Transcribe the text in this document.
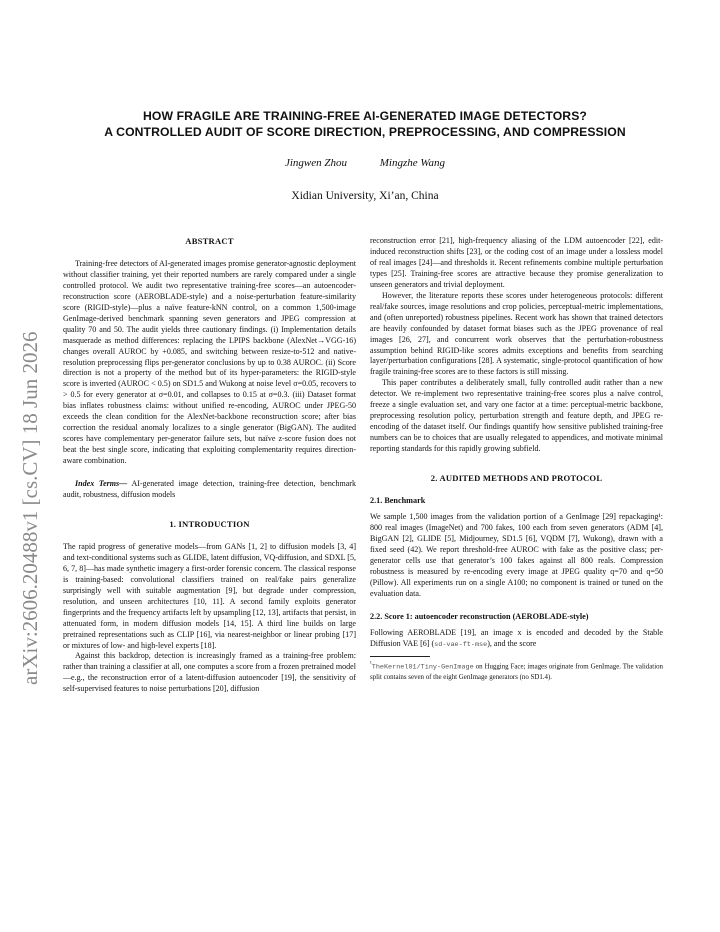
arXiv:2606.20488v1 [cs.CV] 18 Jun 2026
HOW FRAGILE ARE TRAINING-FREE AI-GENERATED IMAGE DETECTORS?
A CONTROLLED AUDIT OF SCORE DIRECTION, PREPROCESSING, AND COMPRESSION
Jingwen Zhou	Mingzhe Wang
Xidian University, Xi’an, China
ABSTRACT

Training-free detectors of AI-generated images promise generator-agnostic deployment without classifier training, yet their reported numbers are rarely compared under a single controlled protocol. We audit two representative training-free scores—an autoencoder-reconstruction score (AEROBLADE-style) and a noise-perturbation feature-similarity score (RIGID-style)—plus a naïve feature-kNN control, on a common 1,500-image GenImage-derived benchmark spanning seven generators and JPEG compression at quality 70 and 50. The audit yields three cautionary findings. (i) Implementation details masquerade as method differences: replacing the LPIPS backbone (AlexNet→VGG-16) changes overall AUROC by +0.085, and switching between resize-to-512 and native-resolution preprocessing flips per-generator conclusions by up to 0.38 AUROC. (ii) Score direction is not a property of the method but of its hyper-parameters: the RIGID-style score is inverted (AUROC < 0.5) on SD1.5 and Wukong at noise level σ=0.05, recovers to > 0.5 for every generator at σ=0.01, and collapses to 0.15 at σ=0.3. (iii) Dataset format bias inflates robustness claims: without unified re-encoding, AUROC under JPEG-50 exceeds the clean condition for the AlexNet-backbone reconstruction score; after bias correction the residual anomaly localizes to a single generator (BigGAN). The audited scores have complementary per-generator failure sets, but naïve z-score fusion does not beat the best single score, indicating that exploiting complementarity requires direction-aware combination.

Index Terms— AI-generated image detection, training-free detection, benchmark audit, robustness, diffusion models

1. INTRODUCTION

The rapid progress of generative models—from GANs [1, 2] to diffusion models [3, 4] and text-conditional systems such as GLIDE, latent diffusion, VQ-diffusion, and SDXL [5, 6, 7, 8]—has made synthetic imagery a first-order forensic concern. The classical response is training-based: convolutional classifiers trained on real/fake pairs generalize surprisingly well with suitable augmentation [9], but degrade under compression, resolution, and unseen architectures [10, 11]. A second family exploits generator fingerprints and the frequency artifacts left by upsampling [12, 13], artifacts that persist, in attenuated form, in modern diffusion models [14, 15]. A third line builds on large pretrained representations such as CLIP [16], via nearest-neighbor or linear probing [17] or mixtures of low- and high-level experts [18].

Against this backdrop, detection is increasingly framed as a training-free problem: rather than training a classifier at all, one computes a score from a frozen pretrained model—e.g., the reconstruction error of a latent-diffusion autoencoder [19], the sensitivity of self-supervised features to noise perturbations [20], diffusion

reconstruction error [21], high-frequency aliasing of the LDM autoencoder [22], edit-induced reconstruction shifts [23], or the coding cost of an image under a lossless model of real images [24]—and thresholds it. Recent refinements combine multiple perturbation types [25]. Training-free scores are attractive because they promise generalization to unseen generators and trivial deployment.

However, the literature reports these scores under heterogeneous protocols: different real/fake sources, image resolutions and crop policies, perceptual-metric implementations, and (often unreported) robustness pipelines. Recent work has shown that trained detectors are heavily confounded by dataset format biases such as the JPEG provenance of real images [26, 27], and concurrent work observes that the perturbation-robustness assumption behind RIGID-like scores admits exceptions and benefits from searching layer/perturbation configurations [28]. A systematic, single-protocol quantification of how fragile training-free scores are to these factors is still missing.

This paper contributes a deliberately small, fully controlled audit rather than a new detector. We re-implement two representative training-free scores plus a naïve control, freeze a single evaluation set, and vary one factor at a time: perceptual-metric backbone, preprocessing resolution policy, perturbation strength and feature depth, and JPEG re-encoding of the dataset itself. Our findings quantify how sensitive published training-free numbers can be to choices that are usually relegated to appendices, and motivate minimal reporting standards for this rapidly growing subfield.

2. AUDITED METHODS AND PROTOCOL
2.1. Benchmark

We sample 1,500 images from the validation portion of a GenImage [29] repackaging¹: 800 real images (ImageNet) and 700 fakes, 100 each from seven generators (ADM [4], BigGAN [2], GLIDE [5], Midjourney, SD1.5 [6], VQDM [7], Wukong), drawn with a fixed seed (42). We report threshold-free AUROC with fake as the positive class; per-generator cells use that generator’s 100 fakes against all 800 reals. Compression robustness is measured by re-encoding every image at JPEG quality q=70 and q=50 (Pillow). All experiments run on a single A100; no component is trained or tuned on the evaluation data.

2.2. Score 1: autoencoder reconstruction (AEROBLADE-style)

Following AEROBLADE [19], an image x is encoded and decoded by the Stable Diffusion VAE [6] (sd-vae-ft-mse), and the score

$^{^1}$TheKernel01/Tiny-GenImage on Hugging Face; images originate from GenImage. The validation split contains seven of the eight GenImage generators (no SD1.4).
